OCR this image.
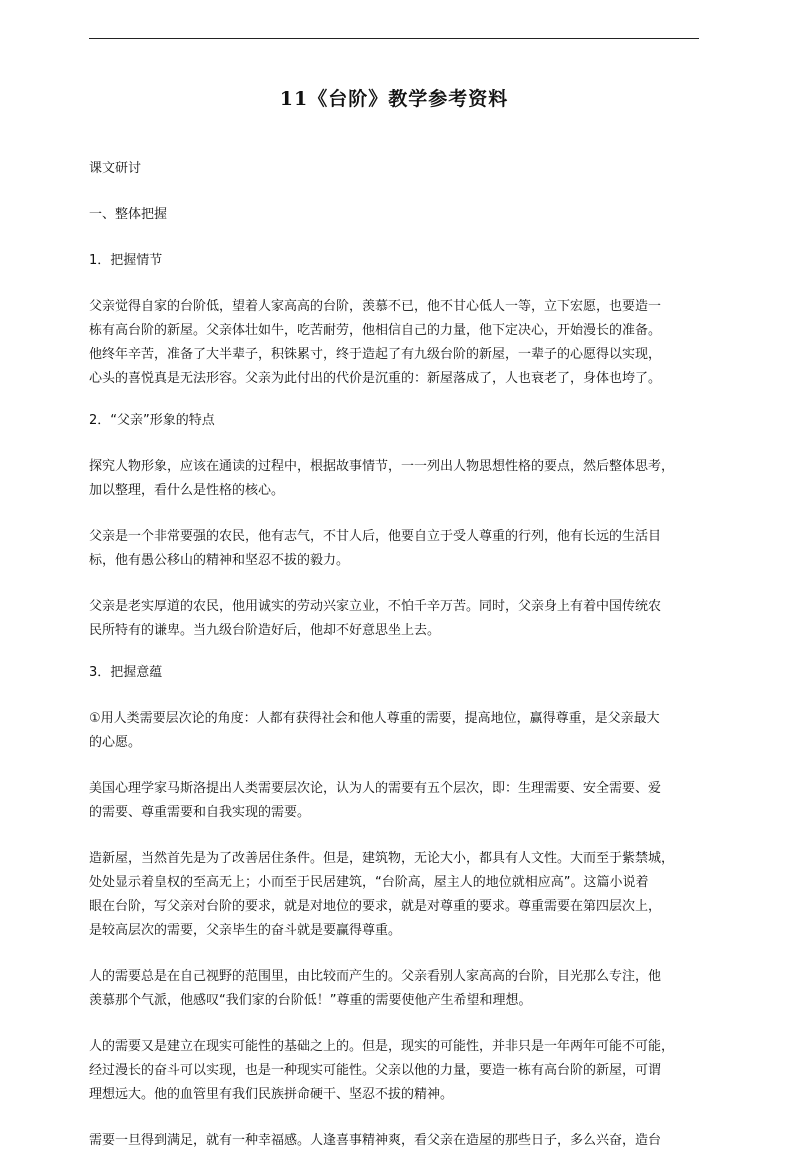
11《台阶》教学参考资料
课文研讨
一、整体把握
1．把握情节
父亲觉得自家的台阶低，望着人家高高的台阶，羡慕不已，他不甘心低人一等，立下宏愿，也要造一
栋有高台阶的新屋。父亲体壮如牛，吃苦耐劳，他相信自己的力量，他下定决心，开始漫长的准备。
他终年辛苦，准备了大半辈子，积铢累寸，终于造起了有九级台阶的新屋，一辈子的心愿得以实现，
心头的喜悦真是无法形容。父亲为此付出的代价是沉重的：新屋落成了，人也衰老了，身体也垮了。
2．“父亲”形象的特点
探究人物形象，应该在通读的过程中，根据故事情节，一一列出人物思想性格的要点，然后整体思考，
加以整理，看什么是性格的核心。
父亲是一个非常要强的农民，他有志气，不甘人后，他要自立于受人尊重的行列，他有长远的生活目
标，他有愚公移山的精神和坚忍不拔的毅力。
父亲是老实厚道的农民，他用诚实的劳动兴家立业，不怕千辛万苦。同时，父亲身上有着中国传统农
民所特有的谦卑。当九级台阶造好后，他却不好意思坐上去。
3．把握意蕴
①用人类需要层次论的角度：人都有获得社会和他人尊重的需要，提高地位，赢得尊重，是父亲最大
的心愿。
美国心理学家马斯洛提出人类需要层次论，认为人的需要有五个层次，即：生理需要、安全需要、爱
的需要、尊重需要和自我实现的需要。
造新屋，当然首先是为了改善居住条件。但是，建筑物，无论大小，都具有人文性。大而至于紫禁城，
处处显示着皇权的至高无上；小而至于民居建筑，“台阶高，屋主人的地位就相应高”。这篇小说着
眼在台阶，写父亲对台阶的要求，就是对地位的要求，就是对尊重的要求。尊重需要在第四层次上，
是较高层次的需要，父亲毕生的奋斗就是要赢得尊重。
人的需要总是在自己视野的范围里，由比较而产生的。父亲看别人家高高的台阶，目光那么专注，他
羡慕那个气派，他感叹“我们家的台阶低！”尊重的需要使他产生希望和理想。
人的需要又是建立在现实可能性的基础之上的。但是，现实的可能性，并非只是一年两年可能不可能，
经过漫长的奋斗可以实现，也是一种现实可能性。父亲以他的力量，要造一栋有高台阶的新屋，可谓
理想远大。他的血管里有我们民族拼命硬干、坚忍不拔的精神。
需要一旦得到满足，就有一种幸福感。人逢喜事精神爽，看父亲在造屋的那些日子，多么兴奋，造台
